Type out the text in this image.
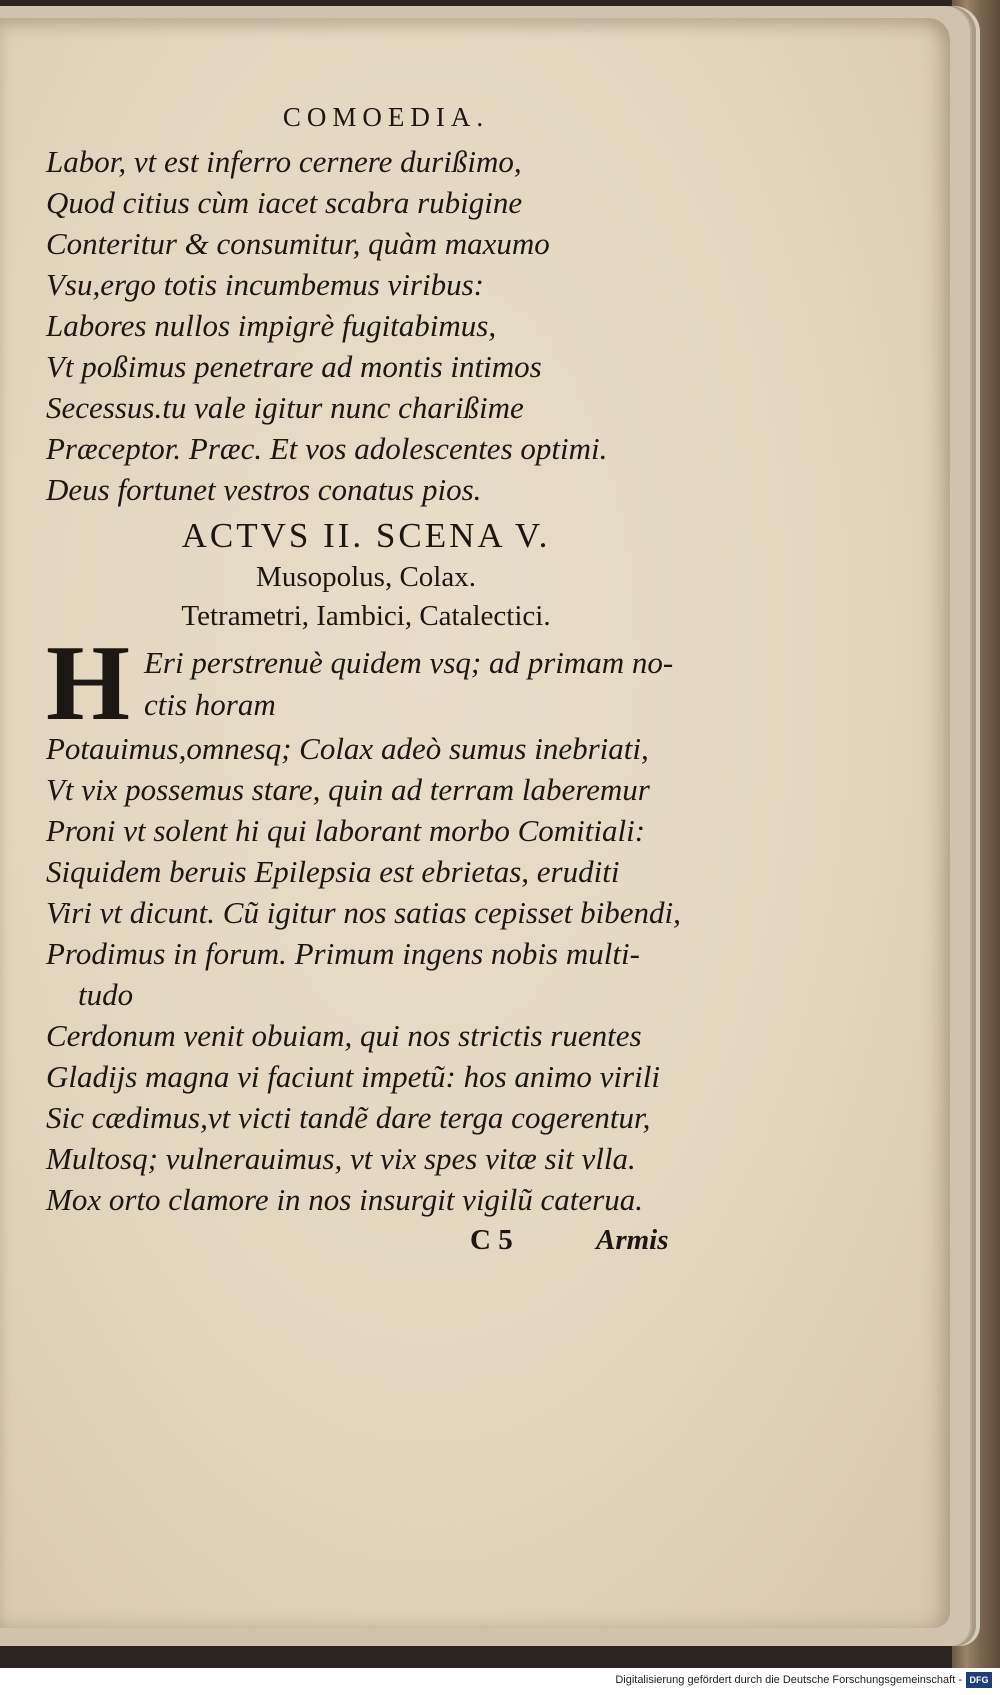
COMOEDIA.
Labor, vt est inferro cernere durißimo,
Quod citius cùm iacet scabra rubigine
Conteritur & consumitur, quàm maxumo
Vsu,ergo totis incumbemus viribus:
Labores nullos impigrè fugitabimus,
Vt poßimus penetrare ad montis intimos
Secessus.tu vale igitur nunc charißime
Præceptor. Præc. Et vos adolescentes optimi.
Deus fortunet vestros conatus pios.
ACTVS II. SCENA V.
Musopolus, Colax.
Tetrametri, Iambici, Catalectici.
H Eri perstrenuè quidem vsq; ad primam no-
ctis horam
Potauimus,omnesq; Colax adeò sumus inebriati,
Vt vix possemus stare, quin ad terram laberemur
Proni vt solent hi qui laborant morbo Comitiali:
Siquidem beruis Epilepsia est ebrietas, eruditi
Viri vt dicunt. Cũ igitur nos satias cepisset bibendi,
Prodimus in forum. Primum ingens nobis multi-
tudo
Cerdonum venit obuiam, qui nos strictis ruentes
Gladijs magna vi faciunt impetũ: hos animo virili
Sic cædimus,vt victi tandẽ dare terga cogerentur,
Multosq; vulnerauimus, vt vix spes vitæ sit vlla.
Mox orto clamore in nos insurgit vigilũ caterua.
C 5	Armis
Digitalisierung gefördert durch die Deutsche Forschungsgemeinschaft - DFG
